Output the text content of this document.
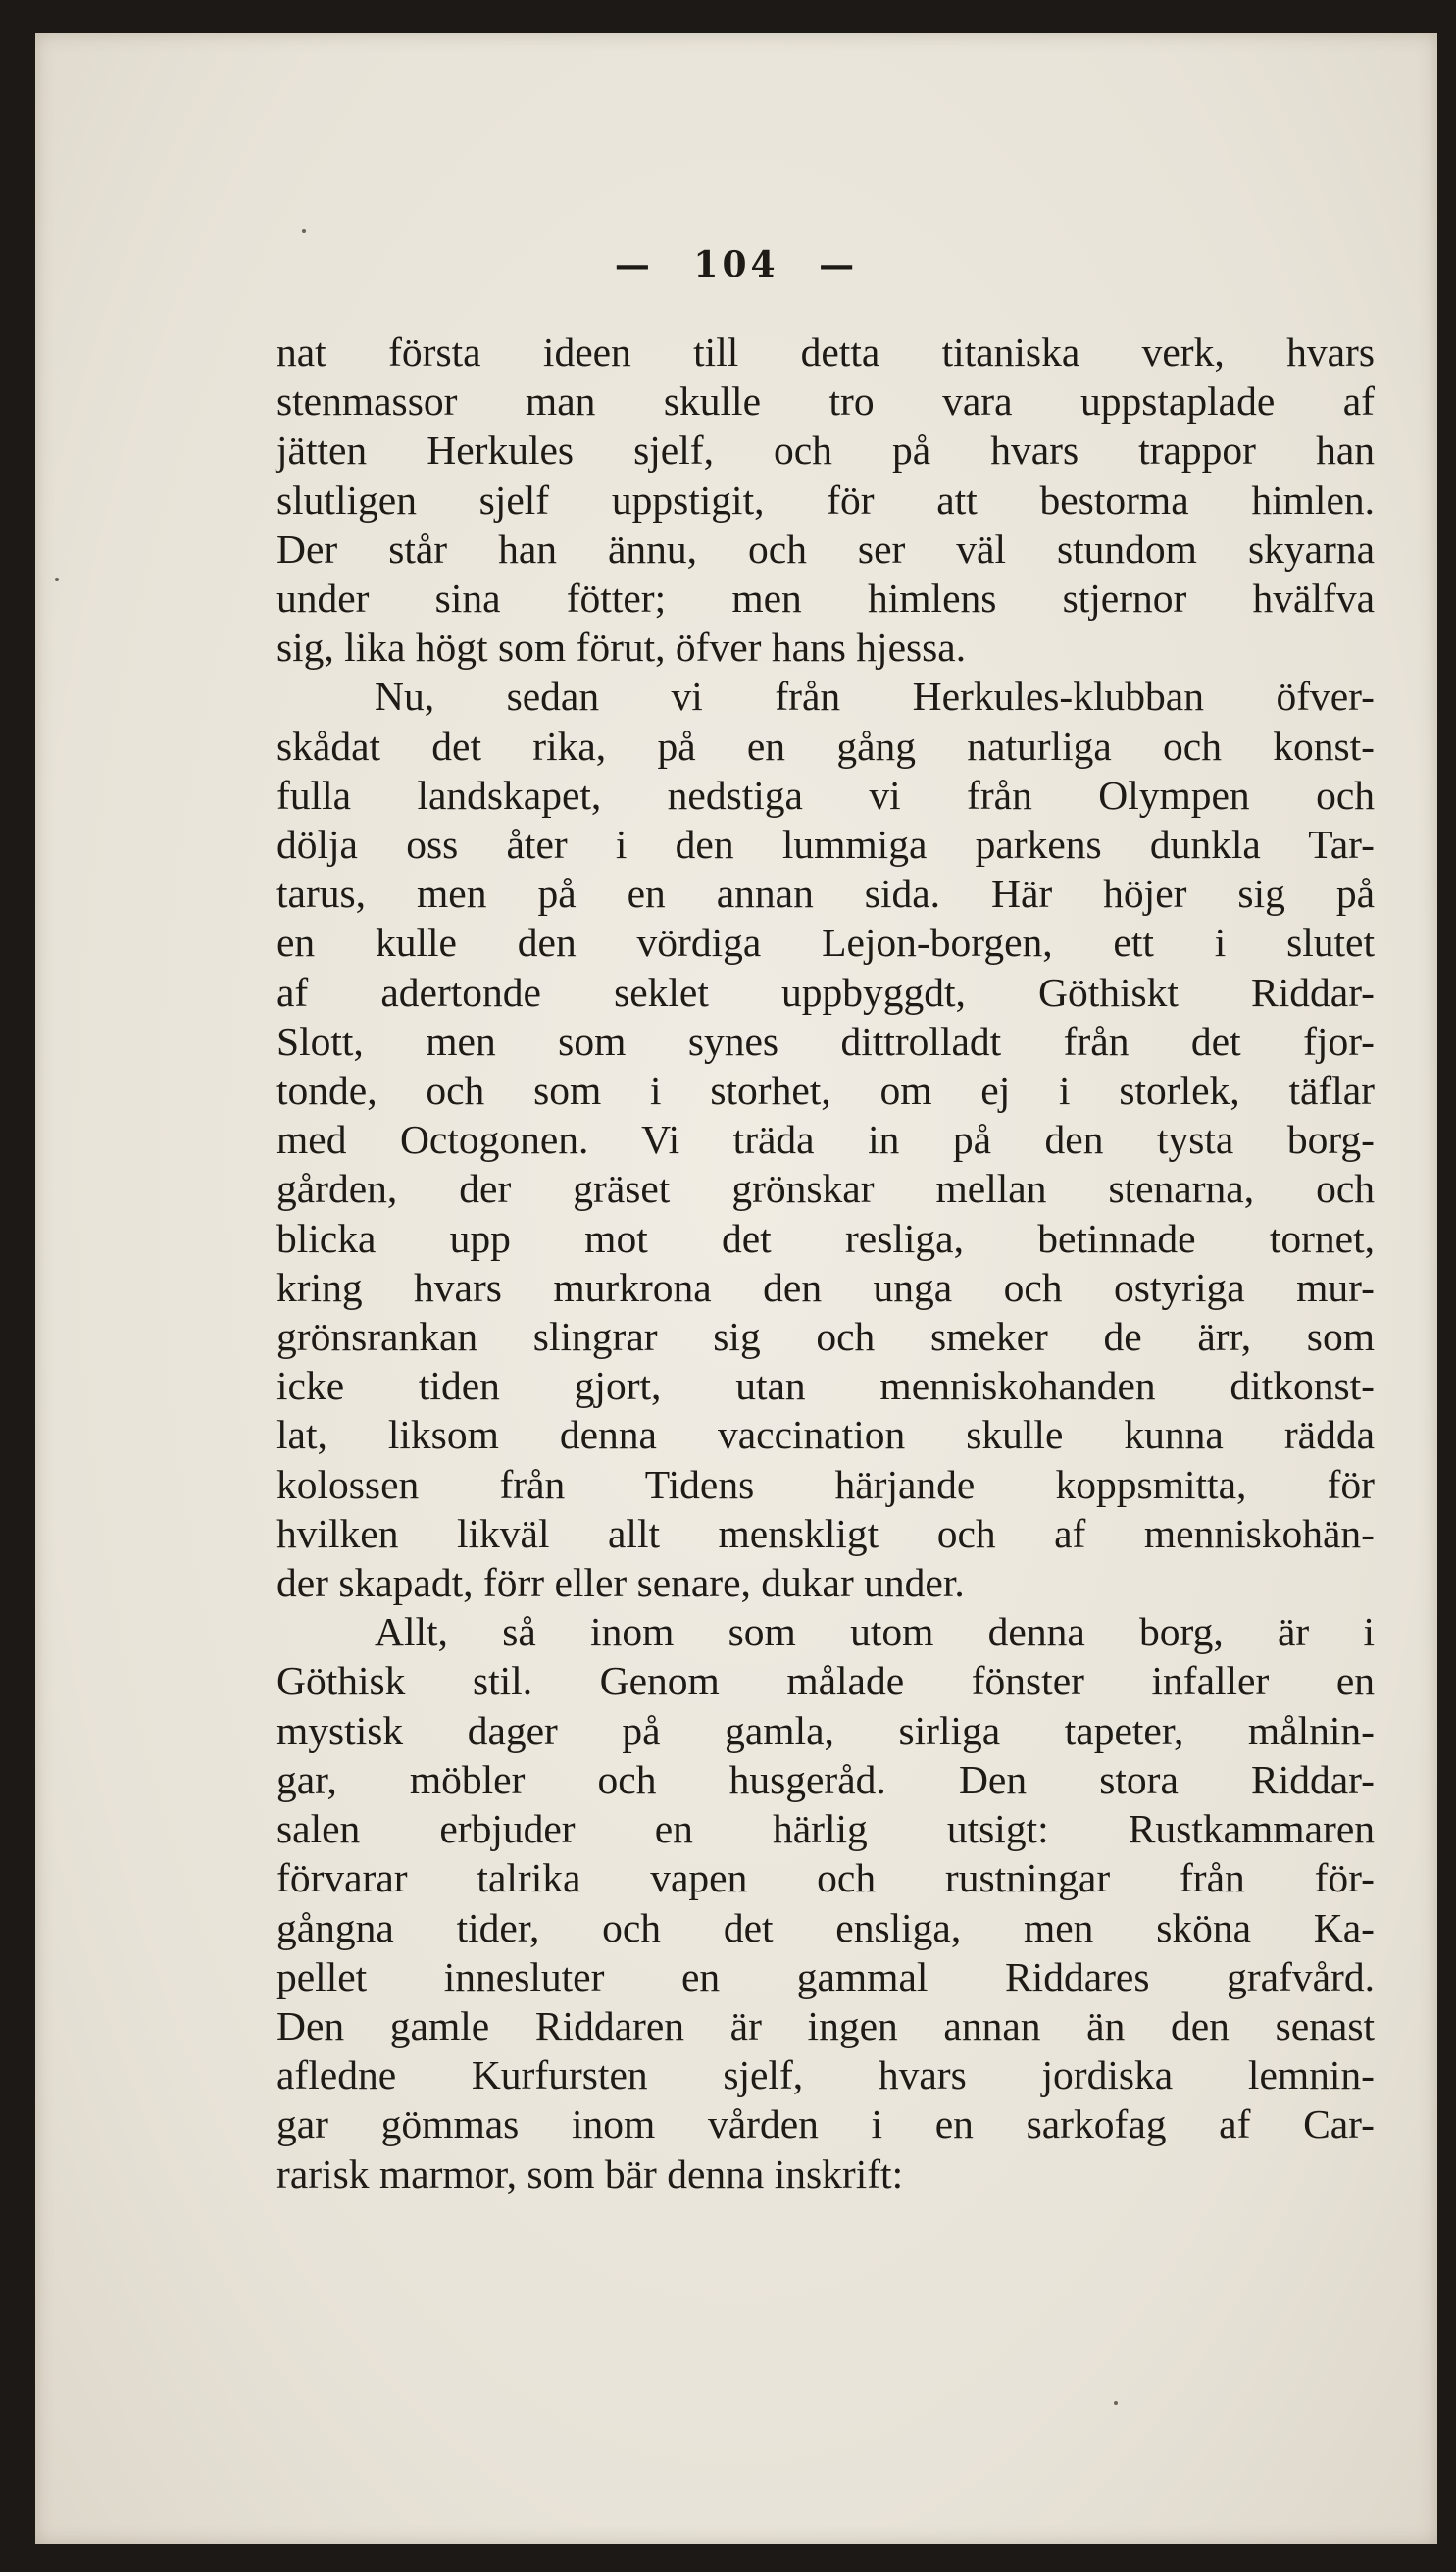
— 104 —
nat första ideen till detta titaniska verk, hvars
stenmassor man skulle tro vara uppstaplade af
jätten Herkules sjelf, och på hvars trappor han
slutligen sjelf uppstigit, för att bestorma himlen.
Der står han ännu, och ser väl stundom skyarna
under sina fötter; men himlens stjernor hvälfva
sig, lika högt som förut, öfver hans hjessa.
Nu, sedan vi från Herkules-klubban öfver-
skådat det rika, på en gång naturliga och konst-
fulla landskapet, nedstiga vi från Olympen och
dölja oss åter i den lummiga parkens dunkla Tar-
tarus, men på en annan sida. Här höjer sig på
en kulle den vördiga Lejon-borgen, ett i slutet
af adertonde seklet uppbyggdt, Göthiskt Riddar-
Slott, men som synes dittrolladt från det fjor-
tonde, och som i storhet, om ej i storlek, täflar
med Octogonen. Vi träda in på den tysta borg-
gården, der gräset grönskar mellan stenarna, och
blicka upp mot det resliga, betinnade tornet,
kring hvars murkrona den unga och ostyriga mur-
grönsrankan slingrar sig och smeker de ärr, som
icke tiden gjort, utan menniskohanden ditkonst-
lat, liksom denna vaccination skulle kunna rädda
kolossen från Tidens härjande koppsmitta, för
hvilken likväl allt menskligt och af menniskohän-
der skapadt, förr eller senare, dukar under.
Allt, så inom som utom denna borg, är i
Göthisk stil. Genom målade fönster infaller en
mystisk dager på gamla, sirliga tapeter, målnin-
gar, möbler och husgeråd. Den stora Riddar-
salen erbjuder en härlig utsigt: Rustkammaren
förvarar talrika vapen och rustningar från för-
gångna tider, och det ensliga, men sköna Ka-
pellet innesluter en gammal Riddares grafvård.
Den gamle Riddaren är ingen annan än den senast
afledne Kurfursten sjelf, hvars jordiska lemnin-
gar gömmas inom vården i en sarkofag af Car-
rarisk marmor, som bär denna inskrift:
